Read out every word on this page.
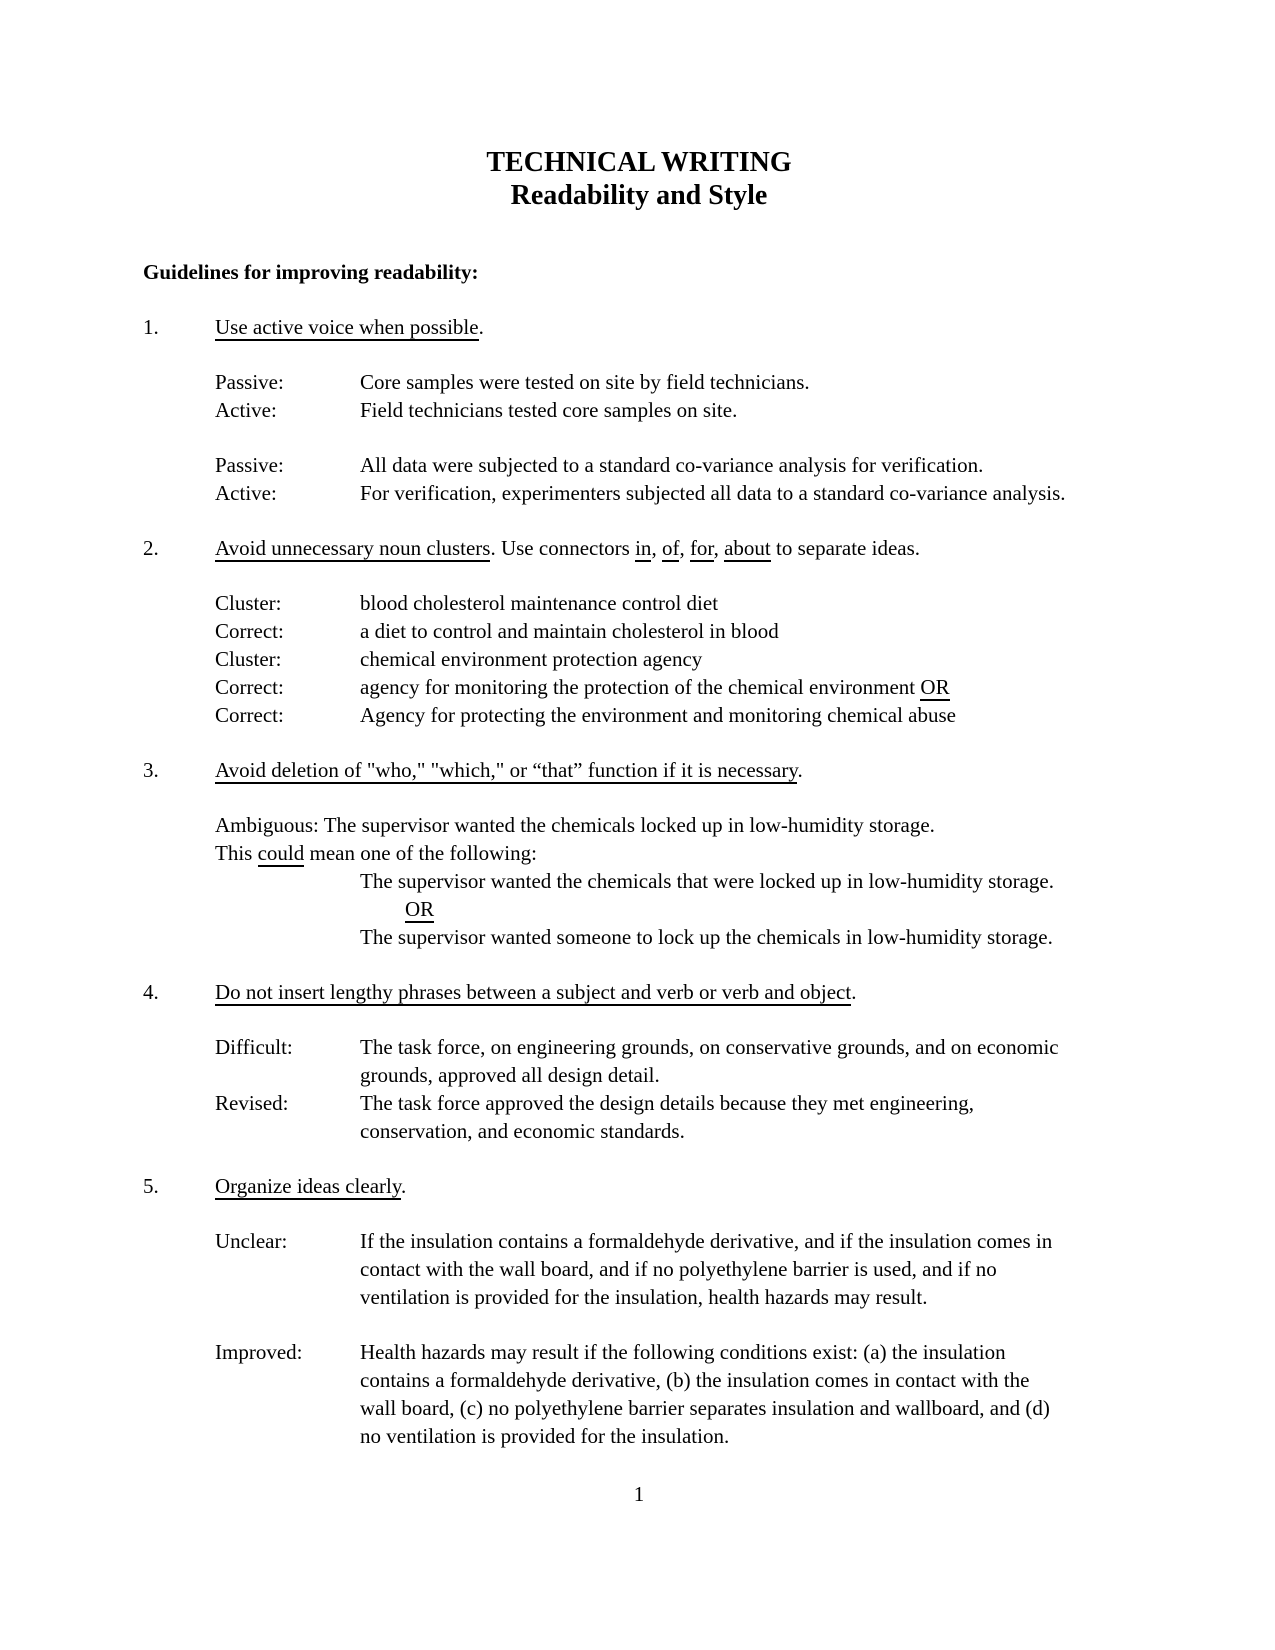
TECHNICAL WRITING
Readability and Style
Guidelines for improving readability:
1.	Use active voice when possible.
Passive:	Core samples were tested on site by field technicians.
Active:	Field technicians tested core samples on site.
Passive:	All data were subjected to a standard co-variance analysis for verification.
Active:	For verification, experimenters subjected all data to a standard co-variance analysis.
2.	Avoid unnecessary noun clusters. Use connectors in, of, for, about to separate ideas.
Cluster:	blood cholesterol maintenance control diet
Correct:	a diet to control and maintain cholesterol in blood
Cluster:	chemical environment protection agency
Correct:	agency for monitoring the protection of the chemical environment OR
Correct:	Agency for protecting the environment and monitoring chemical abuse
3.	Avoid deletion of "who," "which," or “that” function if it is necessary.
Ambiguous: The supervisor wanted the chemicals locked up in low-humidity storage.
This could mean one of the following:
The supervisor wanted the chemicals that were locked up in low-humidity storage.
OR
The supervisor wanted someone to lock up the chemicals in low-humidity storage.
4.	Do not insert lengthy phrases between a subject and verb or verb and object.
Difficult:	The task force, on engineering grounds, on conservative grounds, and on economic
grounds, approved all design detail.
Revised:	The task force approved the design details because they met engineering,
conservation, and economic standards.
5.	Organize ideas clearly.
Unclear:	If the insulation contains a formaldehyde derivative, and if the insulation comes in
contact with the wall board, and if no polyethylene barrier is used, and if no
ventilation is provided for the insulation, health hazards may result.
Improved:	Health hazards may result if the following conditions exist: (a) the insulation
contains a formaldehyde derivative, (b) the insulation comes in contact with the
wall board, (c) no polyethylene barrier separates insulation and wallboard, and (d)
no ventilation is provided for the insulation.
1
